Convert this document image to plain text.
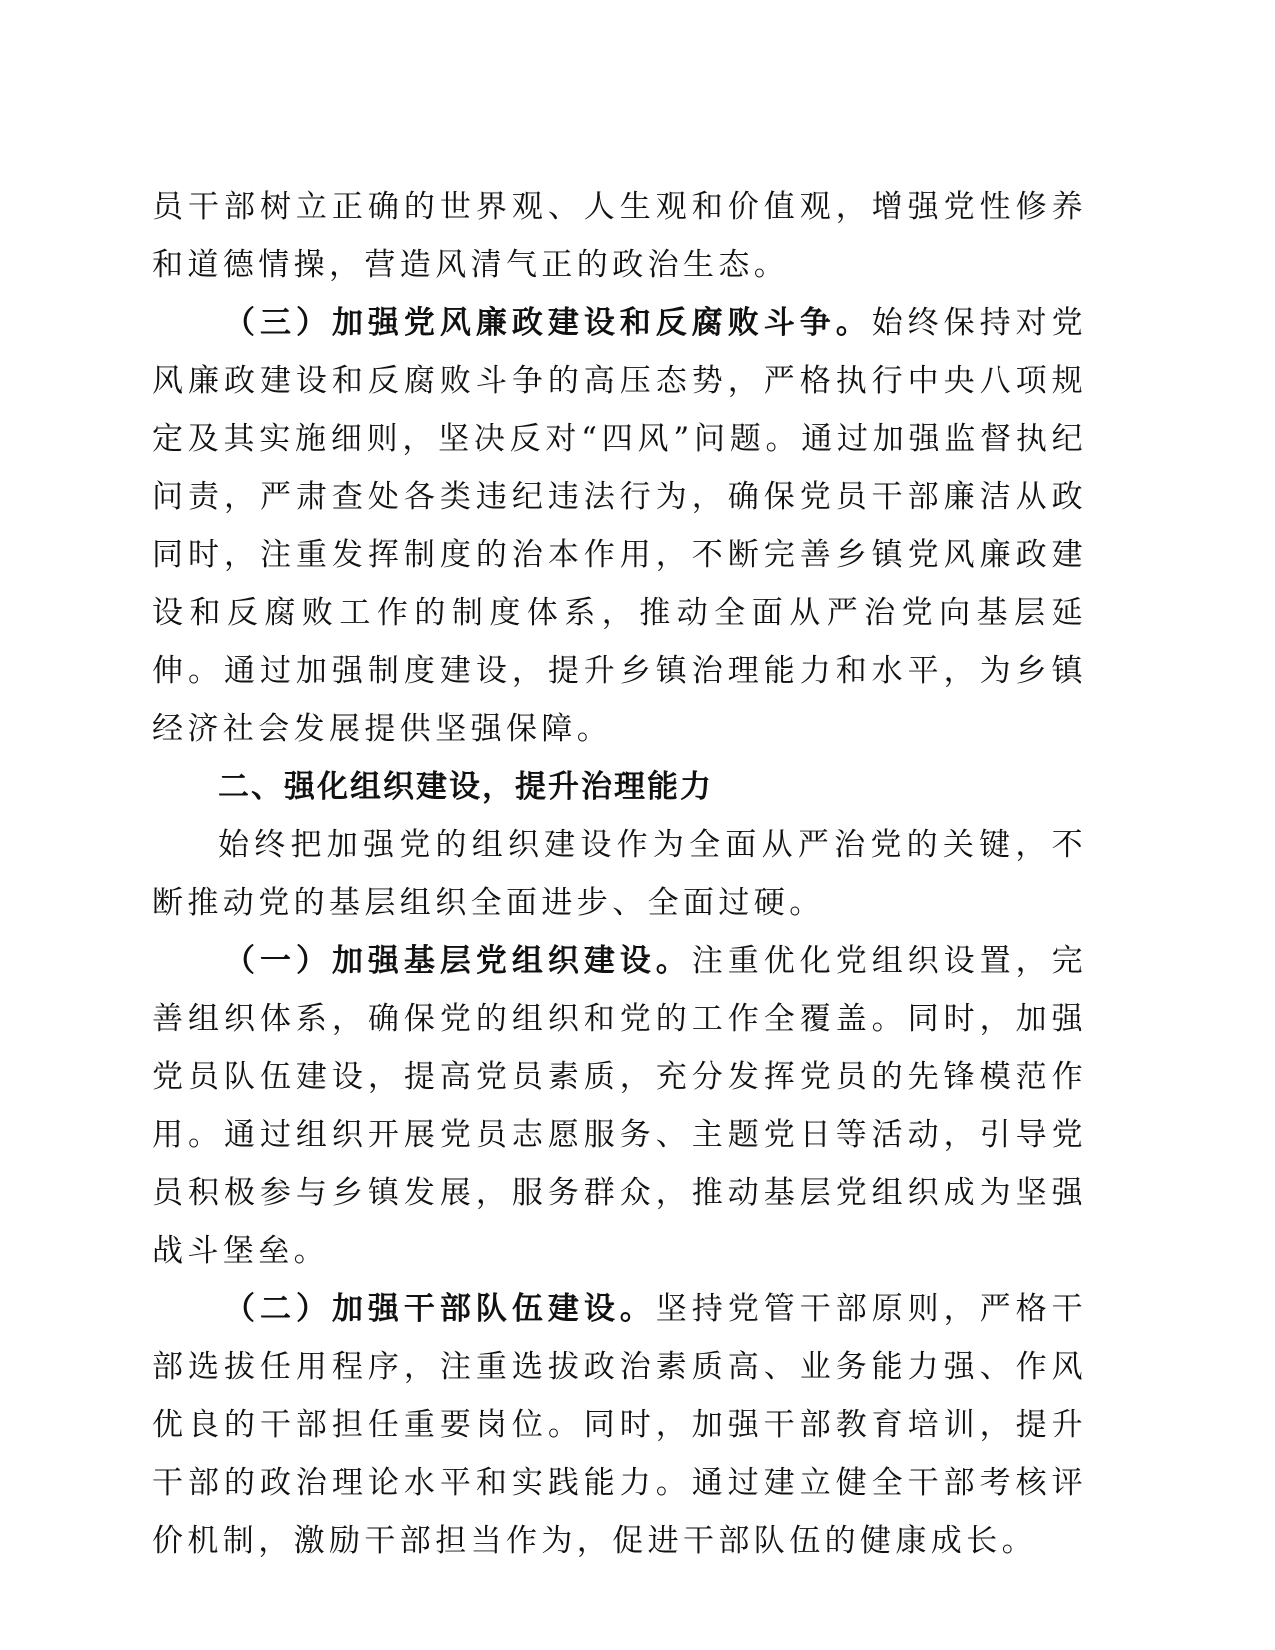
员干部树立正确的世界观、人生观和价值观，增强党性修养和道德情操，营造风清气正的政治生态。

（三）加强党风廉政建设和反腐败斗争。始终保持对党风廉政建设和反腐败斗争的高压态势，严格执行中央八项规定及其实施细则，坚决反对“四风”问题。通过加强监督执纪问责，严肃查处各类违纪违法行为，确保党员干部廉洁从政同时，注重发挥制度的治本作用，不断完善乡镇党风廉政建设和反腐败工作的制度体系，推动全面从严治党向基层延伸。通过加强制度建设，提升乡镇治理能力和水平，为乡镇经济社会发展提供坚强保障。

二、强化组织建设，提升治理能力

始终把加强党的组织建设作为全面从严治党的关键，不断推动党的基层组织全面进步、全面过硬。

（一）加强基层党组织建设。注重优化党组织设置，完善组织体系，确保党的组织和党的工作全覆盖。同时，加强党员队伍建设，提高党员素质，充分发挥党员的先锋模范作用。通过组织开展党员志愿服务、主题党日等活动，引导党员积极参与乡镇发展，服务群众，推动基层党组织成为坚强战斗堡垒。

（二）加强干部队伍建设。坚持党管干部原则，严格干部选拔任用程序，注重选拔政治素质高、业务能力强、作风优良的干部担任重要岗位。同时，加强干部教育培训，提升干部的政治理论水平和实践能力。通过建立健全干部考核评价机制，激励干部担当作为，促进干部队伍的健康成长。
